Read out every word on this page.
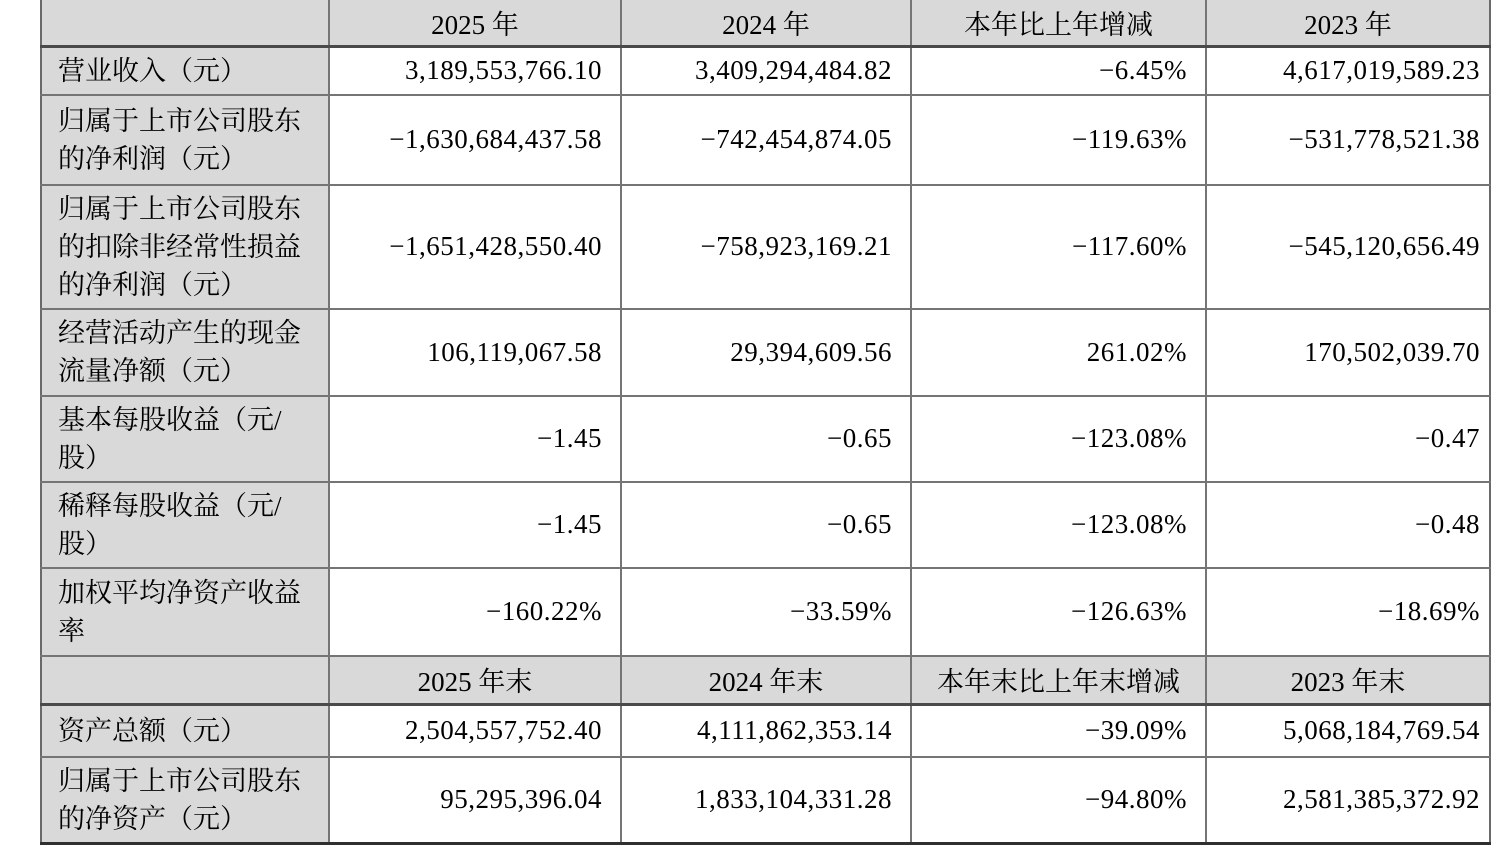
	2025 年	2024 年	本年比上年增减	2023 年
营业收入（元）	3,189,553,766.10	3,409,294,484.82	−6.45%	4,617,019,589.23
归属于上市公司股东的净利润（元）	−1,630,684,437.58	−742,454,874.05	−119.63%	−531,778,521.38
归属于上市公司股东的扣除非经常性损益的净利润（元）	−1,651,428,550.40	−758,923,169.21	−117.60%	−545,120,656.49
经营活动产生的现金流量净额（元）	106,119,067.58	29,394,609.56	261.02%	170,502,039.70
基本每股收益（元/股）	−1.45	−0.65	−123.08%	−0.47
稀释每股收益（元/股）	−1.45	−0.65	−123.08%	−0.48
加权平均净资产收益率	−160.22%	−33.59%	−126.63%	−18.69%
	2025 年末	2024 年末	本年末比上年末增减	2023 年末
资产总额（元）	2,504,557,752.40	4,111,862,353.14	−39.09%	5,068,184,769.54
归属于上市公司股东的净资产（元）	95,295,396.04	1,833,104,331.28	−94.80%	2,581,385,372.92
